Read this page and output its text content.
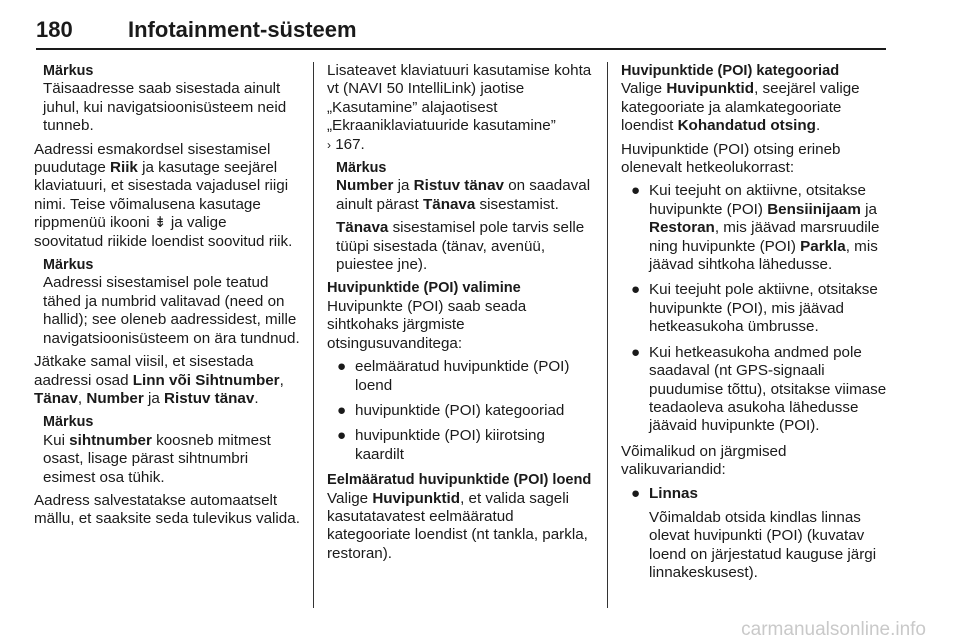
180	Infotainment-süsteem
Märkus
Täisaadresse saab sisestada ainult juhul, kui navigatsioonisüsteem neid tunneb.
Aadressi esmakordsel sisestamisel puudutage Riik ja kasutage seejärel klaviatuuri, et sisestada vajadusel riigi nimi. Teise võimalusena kasutage rippmenüü ikooni ⇟ ja valige soovitatud riikide loendist soovitud riik.
Märkus
Aadressi sisestamisel pole teatud tähed ja numbrid valitavad (need on hallid); see oleneb aadressidest, mille navigatsioonisüsteem on ära tundnud.
Jätkake samal viisil, et sisestada aadressi osad Linn või Sihtnumber, Tänav, Number ja Ristuv tänav.
Märkus
Kui sihtnumber koosneb mitmest osast, lisage pärast sihtnumbri esimest osa tühik.
Aadress salvestatakse automaatselt mällu, et saaksite seda tulevikus valida.
Lisateavet klaviatuuri kasutamise kohta vt (NAVI 50 IntelliLink) jaotise „Kasutamine” alajaotisest „Ekraaniklaviatuuride kasutamine”
› 167.
Märkus
Number ja Ristuv tänav on saadaval ainult pärast Tänava sisestamist.
Tänava sisestamisel pole tarvis selle tüüpi sisestada (tänav, avenüü, puiestee jne).
Huvipunktide (POI) valimine
Huvipunkte (POI) saab seada sihtkohaks järgmiste otsingusuvanditega:
● eelmääratud huvipunktide (POI) loend
● huvipunktide (POI) kategooriad
● huvipunktide (POI) kiirotsing kaardilt
Eelmääratud huvipunktide (POI) loend
Valige Huvipunktid, et valida sageli kasutatavatest eelmääratud kategooriate loendist (nt tankla, parkla, restoran).
Huvipunktide (POI) kategooriad
Valige Huvipunktid, seejärel valige kategooriate ja alamkategooriate loendist Kohandatud otsing.
Huvipunktide (POI) otsing erineb olenevalt hetkeolukorrast:
● Kui teejuht on aktiivne, otsitakse huvipunkte (POI) Bensiinijaam ja Restoran, mis jäävad marsruudile ning huvipunkte (POI) Parkla, mis jäävad sihtkoha lähedusse.
● Kui teejuht pole aktiivne, otsitakse huvipunkte (POI), mis jäävad hetkeasukoha ümbrusse.
● Kui hetkeasukoha andmed pole saadaval (nt GPS-signaali puudumise tõttu), otsitakse viimase teadaoleva asukoha lähedusse jäävaid huvipunkte (POI).
Võimalikud on järgmised valikuvariandid:
● Linnas
Võimaldab otsida kindlas linnas olevat huvipunkti (POI) (kuvatav loend on järjestatud kauguse järgi linnakeskusest).
carmanualsonline.info
